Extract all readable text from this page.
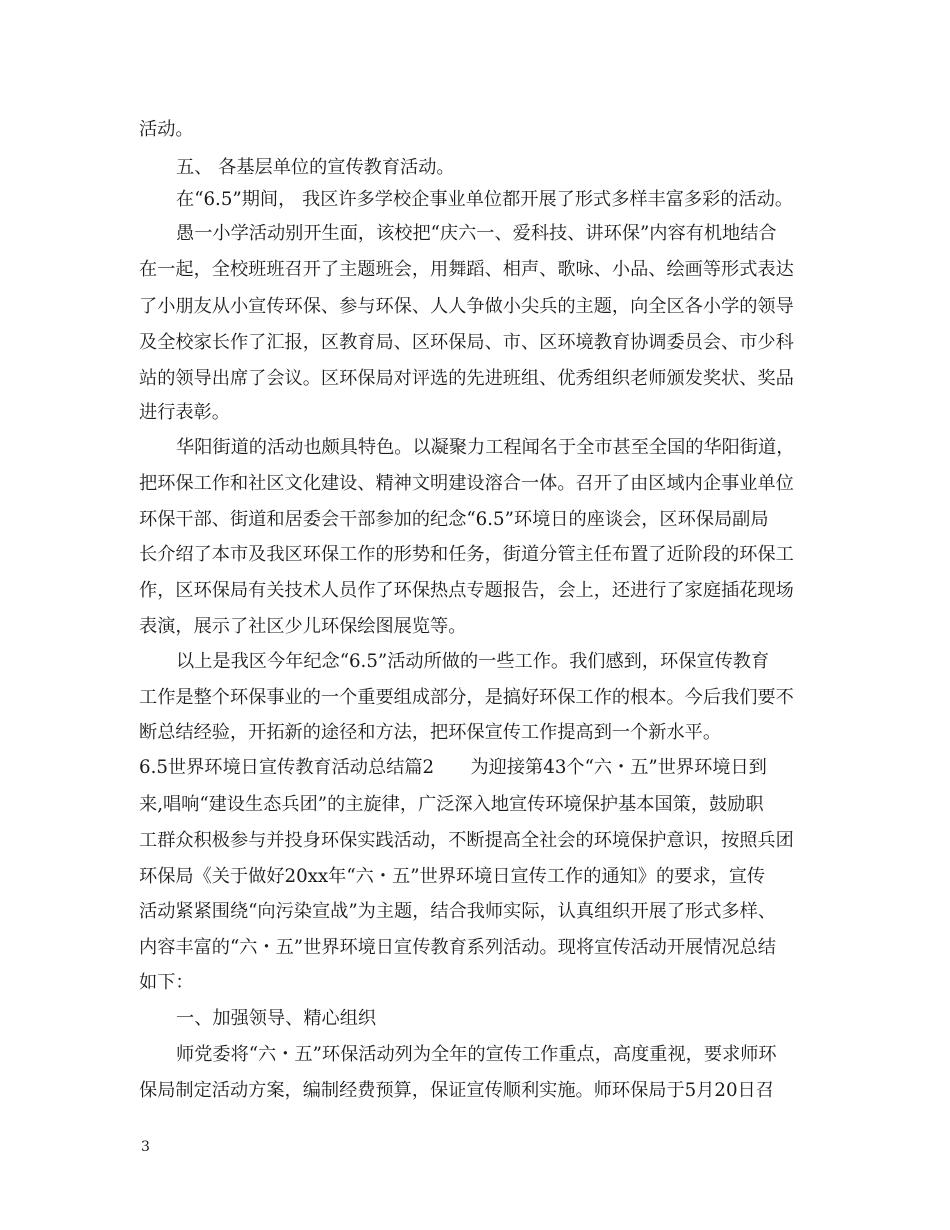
活动。
五、 各基层单位的宣传教育活动。
在“6.5”期间， 我区许多学校企事业单位都开展了形式多样丰富多彩的活动。
愚一小学活动别开生面，该校把“庆六一、爱科技、讲环保”内容有机地结合
在一起，全校班班召开了主题班会，用舞蹈、相声、歌咏、小品、绘画等形式表达
了小朋友从小宣传环保、参与环保、人人争做小尖兵的主题，向全区各小学的领导
及全校家长作了汇报，区教育局、区环保局、市、区环境教育协调委员会、市少科
站的领导出席了会议。区环保局对评选的先进班组、优秀组织老师颁发奖状、奖品
进行表彰。
华阳街道的活动也颇具特色。以凝聚力工程闻名于全市甚至全国的华阳街道，
把环保工作和社区文化建设、精神文明建设溶合一体。召开了由区域内企事业单位
环保干部、街道和居委会干部参加的纪念“6.5”环境日的座谈会，区环保局副局
长介绍了本市及我区环保工作的形势和任务，街道分管主任布置了近阶段的环保工
作，区环保局有关技术人员作了环保热点专题报告，会上，还进行了家庭插花现场
表演，展示了社区少儿环保绘图展览等。
以上是我区今年纪念“6.5”活动所做的一些工作。我们感到，环保宣传教育
工作是整个环保事业的一个重要组成部分，是搞好环保工作的根本。今后我们要不
断总结经验，开拓新的途径和方法，把环保宣传工作提高到一个新水平。
6.5世界环境日宣传教育活动总结篇2　　为迎接第43个“六・五”世界环境日到
来,唱响“建设生态兵团”的主旋律，广泛深入地宣传环境保护基本国策，鼓励职
工群众积极参与并投身环保实践活动，不断提高全社会的环境保护意识，按照兵团
环保局《关于做好20xx年“六・五”世界环境日宣传工作的通知》的要求，宣传
活动紧紧围绕“向污染宣战”为主题，结合我师实际，认真组织开展了形式多样、
内容丰富的“六・五”世界环境日宣传教育系列活动。现将宣传活动开展情况总结
如下：
一、加强领导、精心组织
师党委将“六・五”环保活动列为全年的宣传工作重点，高度重视，要求师环
保局制定活动方案，编制经费预算，保证宣传顺利实施。师环保局于5月20日召
3
